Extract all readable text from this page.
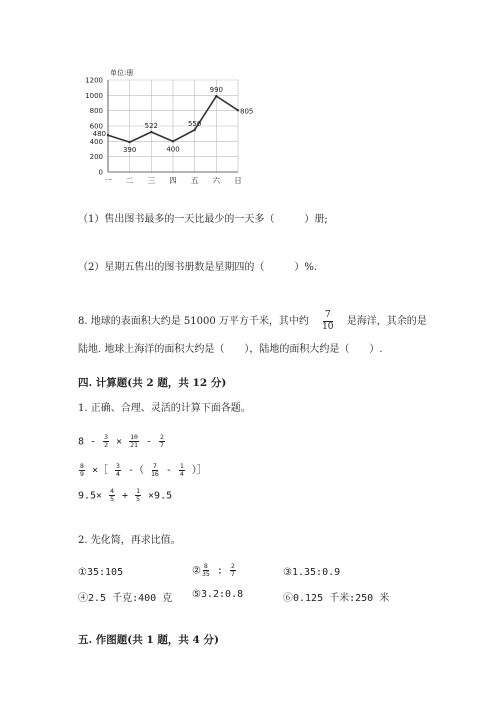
0
200
400
600
800
1000
1200
一 二 三 四 五 六 日
480
390
522
400
550
990
805
单位:册
（1）售出图书最多的一天比最少的一天多（　　　）册;
（2）星期五售出的图书册数是星期四的（　　　）%.
8. 地球的表面积大约是 51000 万平方千米，其中约 $\frac{7}{10}$ 是海洋，其余的是
陆地. 地球上海洋的面积大约是（　　），陆地的面积大约是（　　）.
四. 计算题(共 2 题，共 12 分)
1. 正确、合理、灵活的计算下面各题。
$8 - \frac{3}{2} \times \frac{10}{21} - \frac{2}{7}$
$\frac{8}{9}$ ×［ $\frac{3}{4}$ -（ $\frac{7}{16} - \frac{1}{4}$ ）］
$9.5\times \frac{4}{5} + \frac{1}{5} \times 9.5$
2. 先化简，再求比值。
①35:105	② $\frac{8}{35}$ : $\frac{2}{7}$	③1.35:0.9
④2.5 千克:400 克 ⑤3.2:0.8	⑥0.125 千米:250 米
五. 作图题(共 1 题，共 4 分)
